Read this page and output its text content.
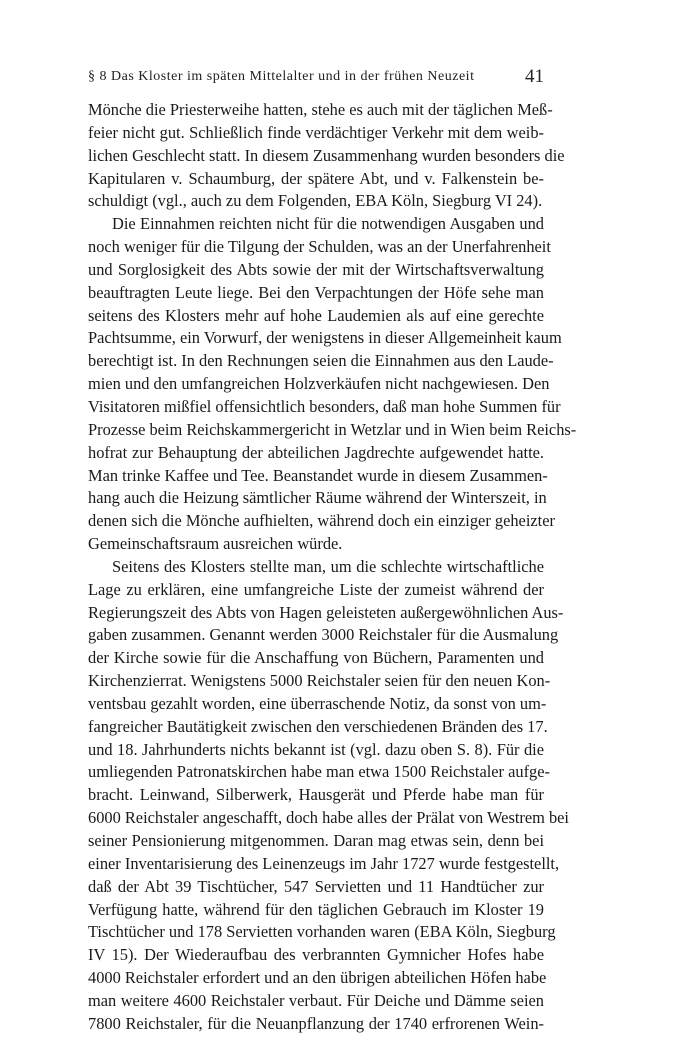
§ 8 Das Kloster im späten Mittelalter und in der frühen Neuzeit	41
Mönche die Priesterweihe hatten, stehe es auch mit der täglichen Meß-
feier nicht gut. Schließlich finde verdächtiger Verkehr mit dem weib-
lichen Geschlecht statt. In diesem Zusammenhang wurden besonders die
Kapitularen v. Schaumburg, der spätere Abt, und v. Falkenstein be-
schuldigt (vgl., auch zu dem Folgenden, EBA Köln, Siegburg VI 24).
Die Einnahmen reichten nicht für die notwendigen Ausgaben und
noch weniger für die Tilgung der Schulden, was an der Unerfahrenheit
und Sorglosigkeit des Abts sowie der mit der Wirtschaftsverwaltung
beauftragten Leute liege. Bei den Verpachtungen der Höfe sehe man
seitens des Klosters mehr auf hohe Laudemien als auf eine gerechte
Pachtsumme, ein Vorwurf, der wenigstens in dieser Allgemeinheit kaum
berechtigt ist. In den Rechnungen seien die Einnahmen aus den Laude-
mien und den umfangreichen Holzverkäufen nicht nachgewiesen. Den
Visitatoren mißfiel offensichtlich besonders, daß man hohe Summen für
Prozesse beim Reichskammergericht in Wetzlar und in Wien beim Reichs-
hofrat zur Behauptung der abteilichen Jagdrechte aufgewendet hatte.
Man trinke Kaffee und Tee. Beanstandet wurde in diesem Zusammen-
hang auch die Heizung sämtlicher Räume während der Winterszeit, in
denen sich die Mönche aufhielten, während doch ein einziger geheizter
Gemeinschaftsraum ausreichen würde.
Seitens des Klosters stellte man, um die schlechte wirtschaftliche
Lage zu erklären, eine umfangreiche Liste der zumeist während der
Regierungszeit des Abts von Hagen geleisteten außergewöhnlichen Aus-
gaben zusammen. Genannt werden 3000 Reichstaler für die Ausmalung
der Kirche sowie für die Anschaffung von Büchern, Paramenten und
Kirchenzierrat. Wenigstens 5000 Reichstaler seien für den neuen Kon-
ventsbau gezahlt worden, eine überraschende Notiz, da sonst von um-
fangreicher Bautätigkeit zwischen den verschiedenen Bränden des 17.
und 18. Jahrhunderts nichts bekannt ist (vgl. dazu oben S. 8). Für die
umliegenden Patronatskirchen habe man etwa 1500 Reichstaler aufge-
bracht. Leinwand, Silberwerk, Hausgerät und Pferde habe man für
6000 Reichstaler angeschafft, doch habe alles der Prälat von Westrem bei
seiner Pensionierung mitgenommen. Daran mag etwas sein, denn bei
einer Inventarisierung des Leinenzeugs im Jahr 1727 wurde festgestellt,
daß der Abt 39 Tischtücher, 547 Servietten und 11 Handtücher zur
Verfügung hatte, während für den täglichen Gebrauch im Kloster 19
Tischtücher und 178 Servietten vorhanden waren (EBA Köln, Siegburg
IV 15). Der Wiederaufbau des verbrannten Gymnicher Hofes habe
4000 Reichstaler erfordert und an den übrigen abteilichen Höfen habe
man weitere 4600 Reichstaler verbaut. Für Deiche und Dämme seien
7800 Reichstaler, für die Neuanpflanzung der 1740 erfrorenen Wein-
